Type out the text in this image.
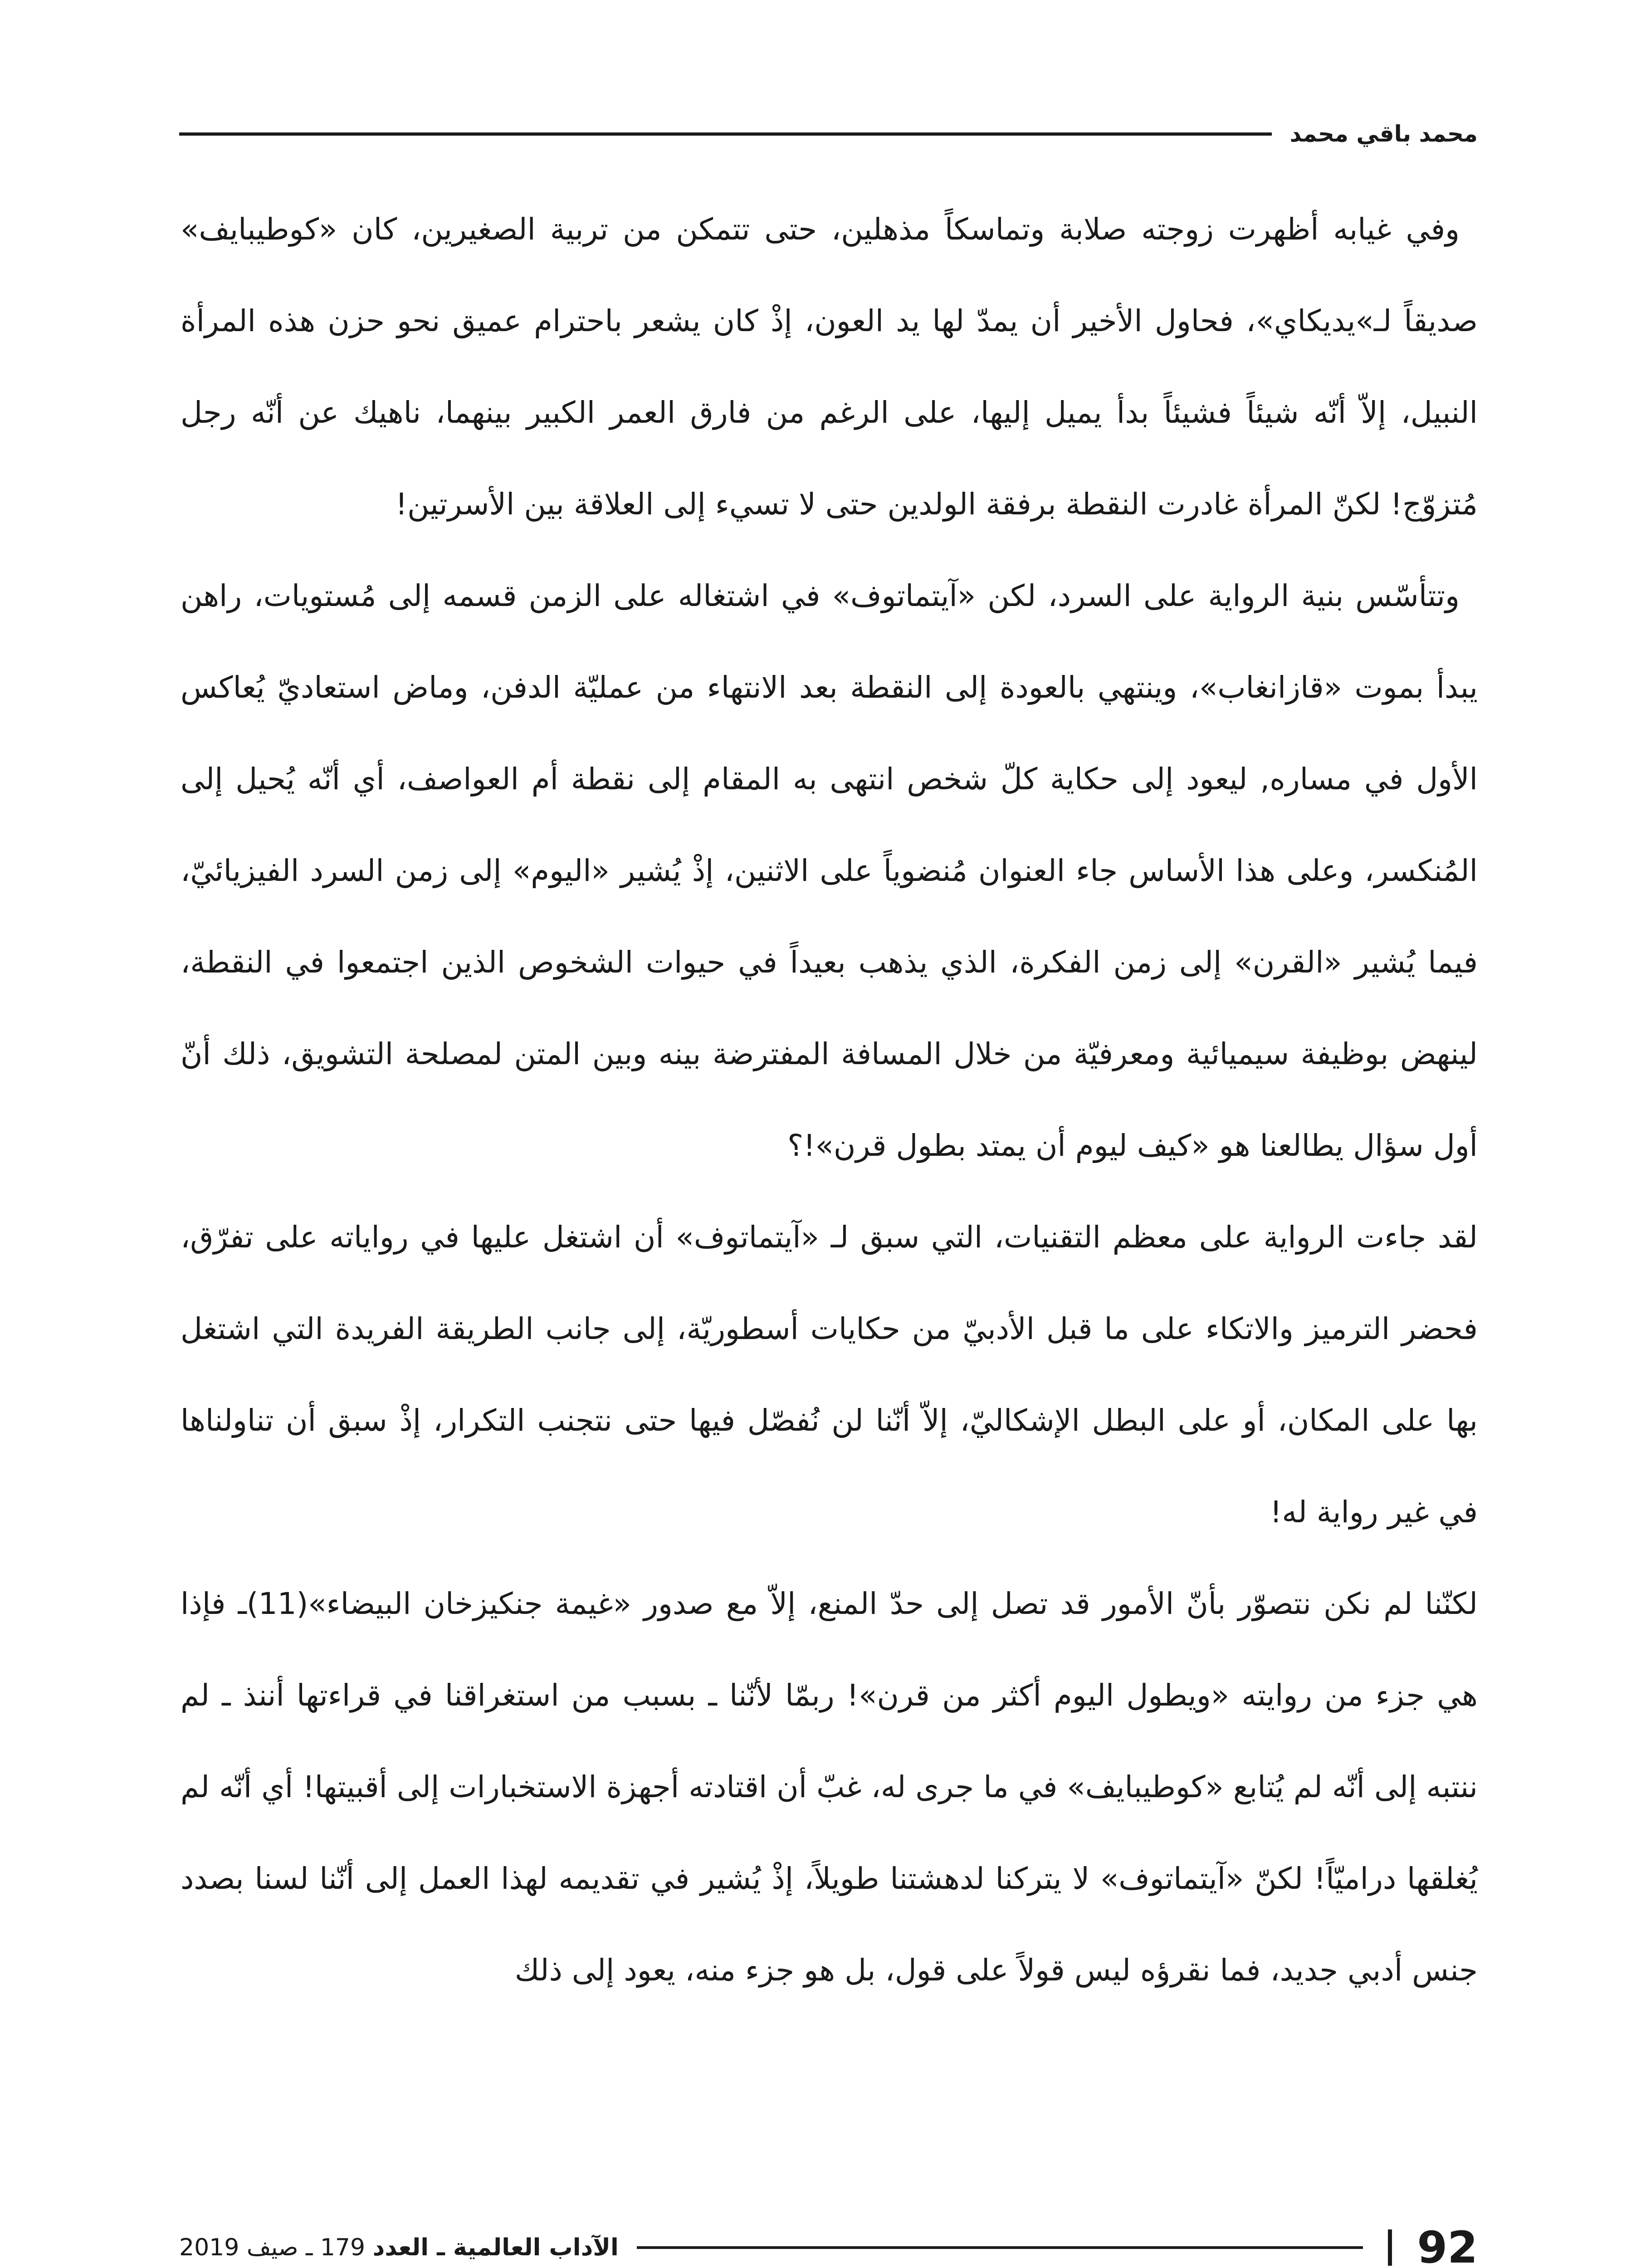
محمد باقي محمد

وفي غيابه أظهرت زوجته صلابة وتماسكاً مذهلين، حتى تتمكن من تربية الصغيرين، كان «كوطيبايف» صديقاً لـ»يديكاي»، فحاول الأخير أن يمدّ لها يد العون، إذْ كان يشعر باحترام عميق نحو حزن هذه المرأة النبيل، إلاّ أنّه شيئاً فشيئاً بدأ يميل إليها، على الرغم من فارق العمر الكبير بينهما، ناهيك عن أنّه رجل مُتزوّج! لكنّ المرأة غادرت النقطة برفقة الولدين حتى لا تسيء إلى العلاقة بين الأسرتين!

وتتأسّس بنية الرواية على السرد، لكن «آيتماتوف» في اشتغاله على الزمن قسمه إلى مُستويات، راهن يبدأ بموت «قازانغاب»، وينتهي بالعودة إلى النقطة بعد الانتهاء من عمليّة الدفن، وماض استعاديّ يُعاكس الأول في مساره, ليعود إلى حكاية كلّ شخص انتهى به المقام إلى نقطة أم العواصف، أي أنّه يُحيل إلى المُنكسر، وعلى هذا الأساس جاء العنوان مُنضوياً على الاثنين، إذْ يُشير «اليوم» إلى زمن السرد الفيزيائيّ، فيما يُشير «القرن» إلى زمن الفكرة، الذي يذهب بعيداً في حيوات الشخوص الذين اجتمعوا في النقطة، لينهض بوظيفة سيميائية ومعرفيّة من خلال المسافة المفترضة بينه وبين المتن لمصلحة التشويق، ذلك أنّ أول سؤال يطالعنا هو «كيف ليوم أن يمتد بطول قرن»!؟

لقد جاءت الرواية على معظم التقنيات، التي سبق لـ «آيتماتوف» أن اشتغل عليها في رواياته على تفرّق، فحضر الترميز والاتكاء على ما قبل الأدبيّ من حكايات أسطوريّة، إلى جانب الطريقة الفريدة التي اشتغل بها على المكان، أو على البطل الإشكاليّ، إلاّ أنّنا لن نُفصّل فيها حتى نتجنب التكرار، إذْ سبق أن تناولناها في غير رواية له!

لكنّنا لم نكن نتصوّر بأنّ الأمور قد تصل إلى حدّ المنع، إلاّ مع صدور «غيمة جنكيزخان البيضاء»(11)ـ فإذا هي جزء من روايته «ويطول اليوم أكثر من قرن»! ربمّا لأنّنا ـ بسبب من استغراقنا في قراءتها أننذ ـ لم ننتبه إلى أنّه لم يُتابع «كوطيبايف» في ما جرى له، غبّ أن اقتادته أجهزة الاستخبارات إلى أقبيتها! أي أنّه لم يُغلقها دراميّاً! لكنّ «آيتماتوف» لا يتركنا لدهشتنا طويلاً، إذْ يُشير في تقديمه لهذا العمل إلى أنّنا لسنا بصدد جنس أدبي جديد، فما نقرؤه ليس قولاً على قول، بل هو جزء منه، يعود إلى ذلك

92
الآداب العالمية ـ العدد 179 ـ صيف 2019
